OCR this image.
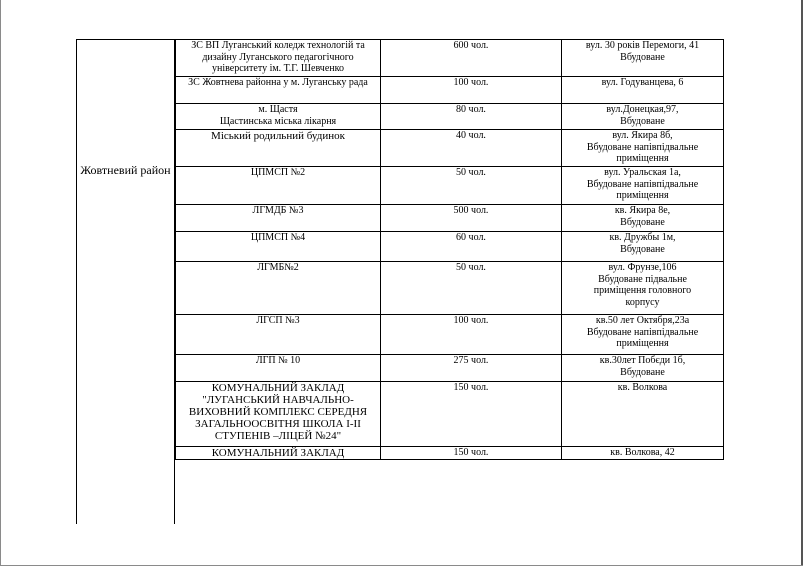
Жовтневий район
ЗС ВП Луганський коледж технологій та дизайну Луганського педагогічного університету ім. Т.Г. Шевченко	600 чол.	вул. 30 років Перемоги, 41
Вбудоване

ЗС Жовтнева районна у м. Луганську рада	100 чол.	вул. Годуванцева, 6

м. Щастя
Щастинська міська лікарня	80 чол.	вул.Донецкая,97,
Вбудоване

Міський родильний будинок	40 чол.	вул. Якира 8б,
Вбудоване напівпідвальне
приміщення

ЦПМСП №2	50 чол.	вул. Уральская 1а,
Вбудоване напівпідвальне
приміщення

ЛГМДБ №3	500 чол.	кв. Якира 8е,
Вбудоване

ЦПМСП №4	60 чол.	кв. Дружбы 1м,
Вбудоване

ЛГМБ№2	50 чол.	вул. Фрунзе,106
Вбудоване підвальне
приміщення головного
корпусу

ЛГСП №3	100 чол.	кв.50 лет Октября,23а
Вбудоване напівпідвальне
приміщення

ЛГП № 10	275 чол.	кв.30лет Побєди 1б,
Вбудоване

КОМУНАЛЬНИЙ ЗАКЛАД "ЛУГАНСЬКИЙ НАВЧАЛЬНО-ВИХОВНИЙ КОМПЛЕКС СЕРЕДНЯ ЗАГАЛЬНООСВІТНЯ ШКОЛА І-ІІ СТУПЕНІВ –ЛІЦЕЙ №24"	150 чол.	кв. Волкова

КОМУНАЛЬНИЙ ЗАКЛАД	150 чол.	кв. Волкова, 42
